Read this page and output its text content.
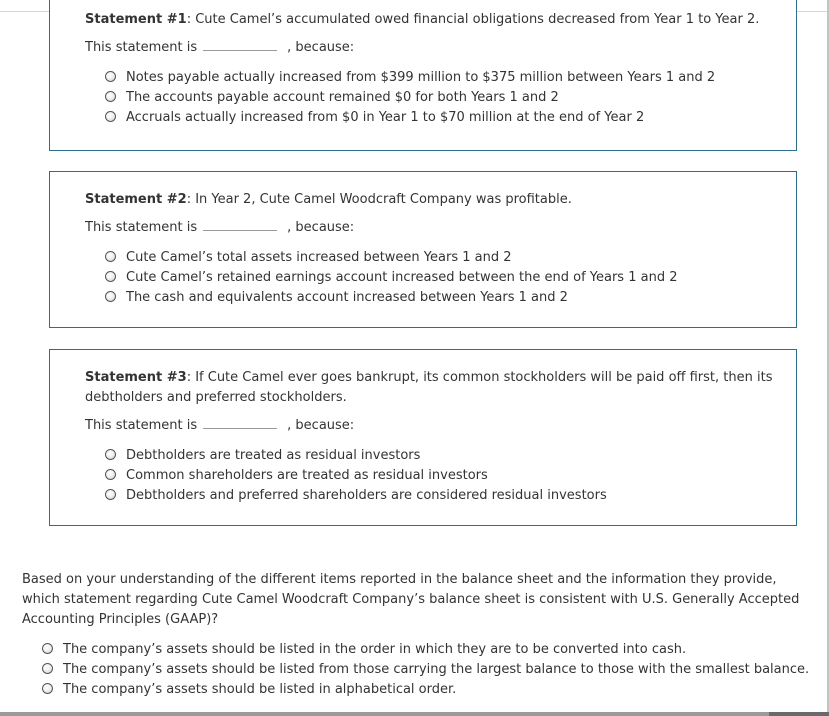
Statement #1: Cute Camel’s accumulated owed financial obligations decreased from Year 1 to Year 2.
This statement is	, because:
Notes payable actually increased from $399 million to $375 million between Years 1 and 2
The accounts payable account remained $0 for both Years 1 and 2
Accruals actually increased from $0 in Year 1 to $70 million at the end of Year 2
Statement #2: In Year 2, Cute Camel Woodcraft Company was profitable.
This statement is	, because:
Cute Camel’s total assets increased between Years 1 and 2
Cute Camel’s retained earnings account increased between the end of Years 1 and 2
The cash and equivalents account increased between Years 1 and 2
Statement #3: If Cute Camel ever goes bankrupt, its common stockholders will be paid off first, then its debtholders and preferred stockholders.
This statement is	, because:
Debtholders are treated as residual investors
Common shareholders are treated as residual investors
Debtholders and preferred shareholders are considered residual investors
Based on your understanding of the different items reported in the balance sheet and the information they provide, which statement regarding Cute Camel Woodcraft Company’s balance sheet is consistent with U.S. Generally Accepted Accounting Principles (GAAP)?
The company’s assets should be listed in the order in which they are to be converted into cash.
The company’s assets should be listed from those carrying the largest balance to those with the smallest balance.
The company’s assets should be listed in alphabetical order.
